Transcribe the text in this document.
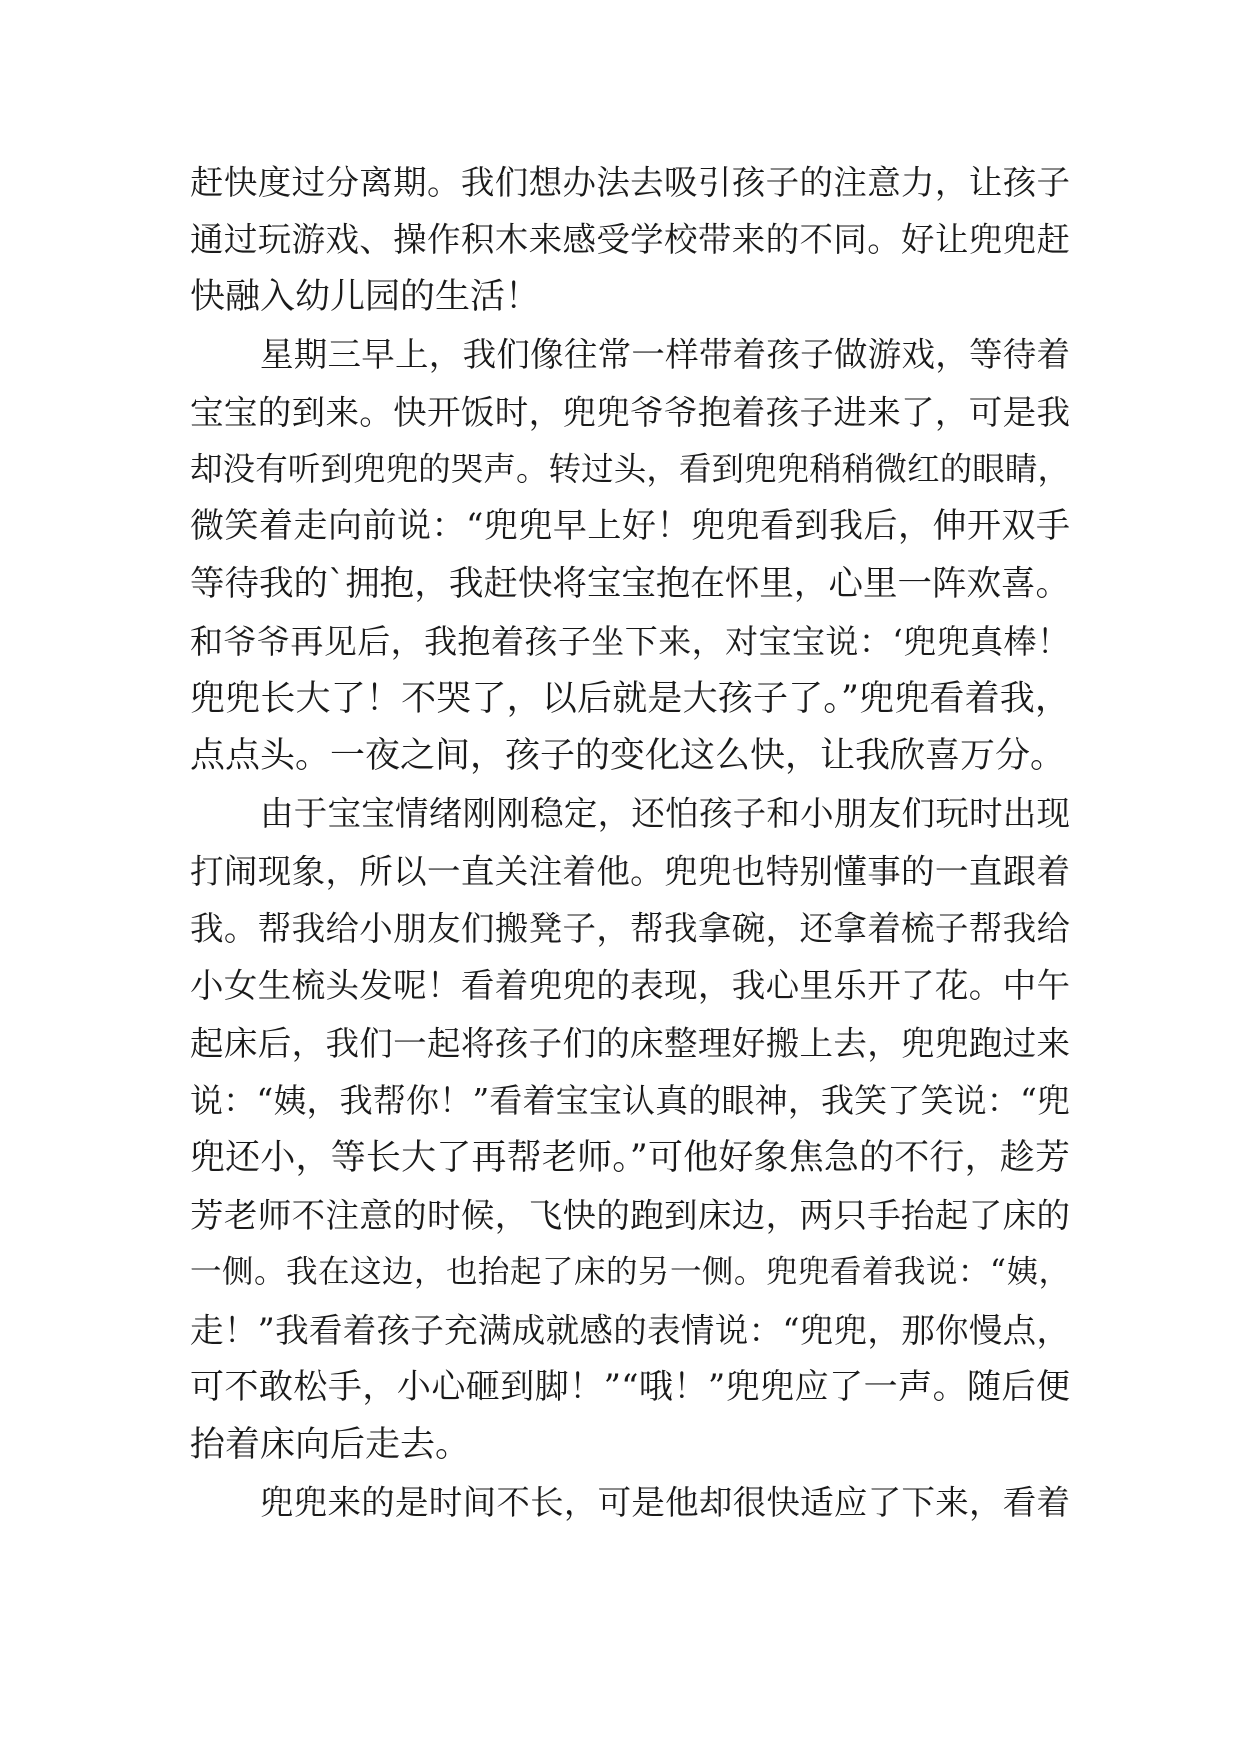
赶快度过分离期。我们想办法去吸引孩子的注意力，让孩子
通过玩游戏、操作积木来感受学校带来的不同。好让兜兜赶
快融入幼儿园的生活！
星期三早上，我们像往常一样带着孩子做游戏，等待着
宝宝的到来。快开饭时，兜兜爷爷抱着孩子进来了，可是我
却没有听到兜兜的哭声。转过头，看到兜兜稍稍微红的眼睛，
微笑着走向前说：“兜兜早上好！兜兜看到我后，伸开双手
等待我的`拥抱，我赶快将宝宝抱在怀里，心里一阵欢喜。
和爷爷再见后，我抱着孩子坐下来，对宝宝说：‘兜兜真棒！
兜兜长大了！不哭了，以后就是大孩子了。”兜兜看着我，
点点头。一夜之间，孩子的变化这么快，让我欣喜万分。
由于宝宝情绪刚刚稳定，还怕孩子和小朋友们玩时出现
打闹现象，所以一直关注着他。兜兜也特别懂事的一直跟着
我。帮我给小朋友们搬凳子，帮我拿碗，还拿着梳子帮我给
小女生梳头发呢！看着兜兜的表现，我心里乐开了花。中午
起床后，我们一起将孩子们的床整理好搬上去，兜兜跑过来
说：“姨，我帮你！”看着宝宝认真的眼神，我笑了笑说：“兜
兜还小，等长大了再帮老师。”可他好象焦急的不行，趁芳
芳老师不注意的时候，飞快的跑到床边，两只手抬起了床的
一侧。我在这边，也抬起了床的另一侧。兜兜看着我说：“姨，
走！”我看着孩子充满成就感的表情说：“兜兜，那你慢点，
可不敢松手，小心砸到脚！”“哦！”兜兜应了一声。随后便
抬着床向后走去。
兜兜来的是时间不长，可是他却很快适应了下来，看着
